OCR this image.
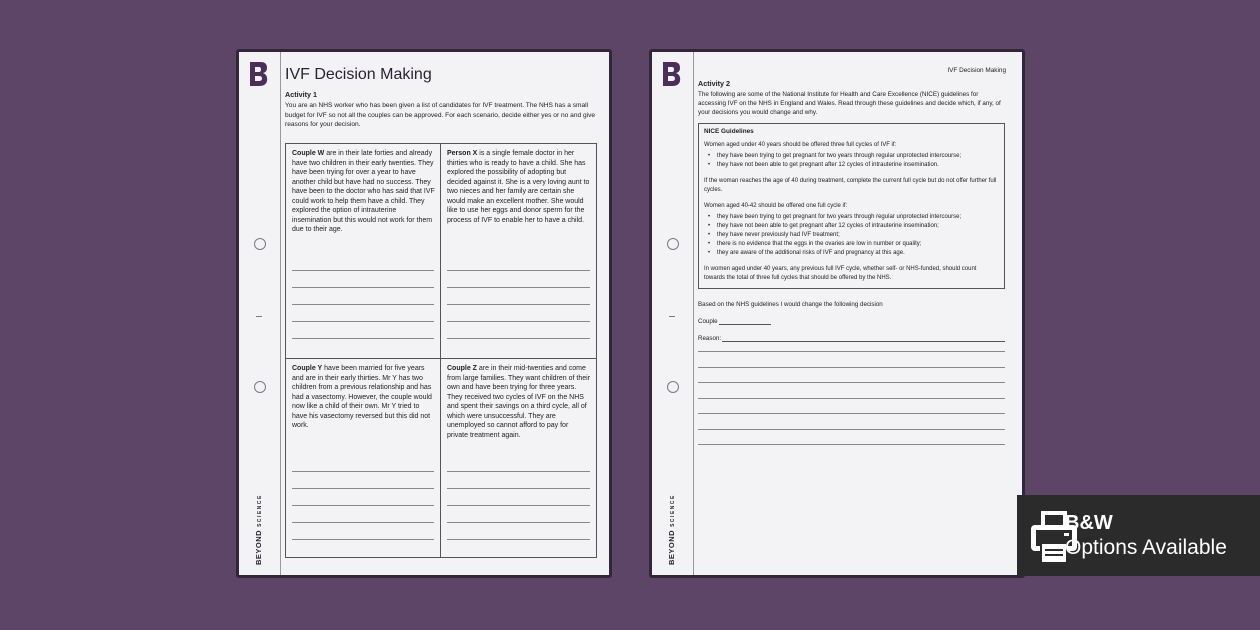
BEYONDSCIENCE
IVF Decision Making
Activity 1
You are an NHS worker who has been given a list of candidates for IVF treatment. The NHS has a small budget for IVF so not all the couples can be approved. For each scenario, decide either yes or no and give reasons for your decision.
Couple W are in their late forties and already have two children in their early twenties. They have been trying for over a year to have another child but have had no success. They have been to the doctor who has said that IVF could work to help them have a child. They explored the option of intrauterine insemination but this would not work for them due to their age.
Person X is a single female doctor in her thirties who is ready to have a child. She has explored the possibility of adopting but decided against it. She is a very loving aunt to two nieces and her family are certain she would make an excellent mother. She would like to use her eggs and donor sperm for the process of IVF to enable her to have a child.
Couple Y have been married for five years and are in their early thirties. Mr Y has two children from a previous relationship and has had a vasectomy. However, the couple would now like a child of their own. Mr Y tried to have his vasectomy reversed but this did not work.
Couple Z are in their mid-twenties and come from large families. They want children of their own and have been trying for three years. They received two cycles of IVF on the NHS and spent their savings on a third cycle, all of which were unsuccessful. They are unemployed so cannot afford to pay for private treatment again.
BEYONDSCIENCE
IVF Decision Making
Activity 2
The following are some of the National Institute for Health and Care Excellence (NICE) guidelines for accessing IVF on the NHS in England and Wales. Read through these guidelines and decide which, if any, of your decisions you would change and why.
NICE Guidelines
Women aged under 40 years should be offered three full cycles of IVF if:
• they have been trying to get pregnant for two years through regular unprotected intercourse;
• they have not been able to get pregnant after 12 cycles of intrauterine insemination.
If the woman reaches the age of 40 during treatment, complete the current full cycle but do not offer further full cycles.
Women aged 40-42 should be offered one full cycle if:
• they have been trying to get pregnant for two years through regular unprotected intercourse;
• they have not been able to get pregnant after 12 cycles of intrauterine insemination;
• they have never previously had IVF treatment;
• there is no evidence that the eggs in the ovaries are low in number or quality;
• they are aware of the additional risks of IVF and pregnancy at this age.
In women aged under 40 years, any previous full IVF cycle, whether self- or NHS-funded, should count towards the total of three full cycles that should be offered by the NHS.
Based on the NHS guidelines I would change the following decision
Couple
Reason:
B&W
Options Available
